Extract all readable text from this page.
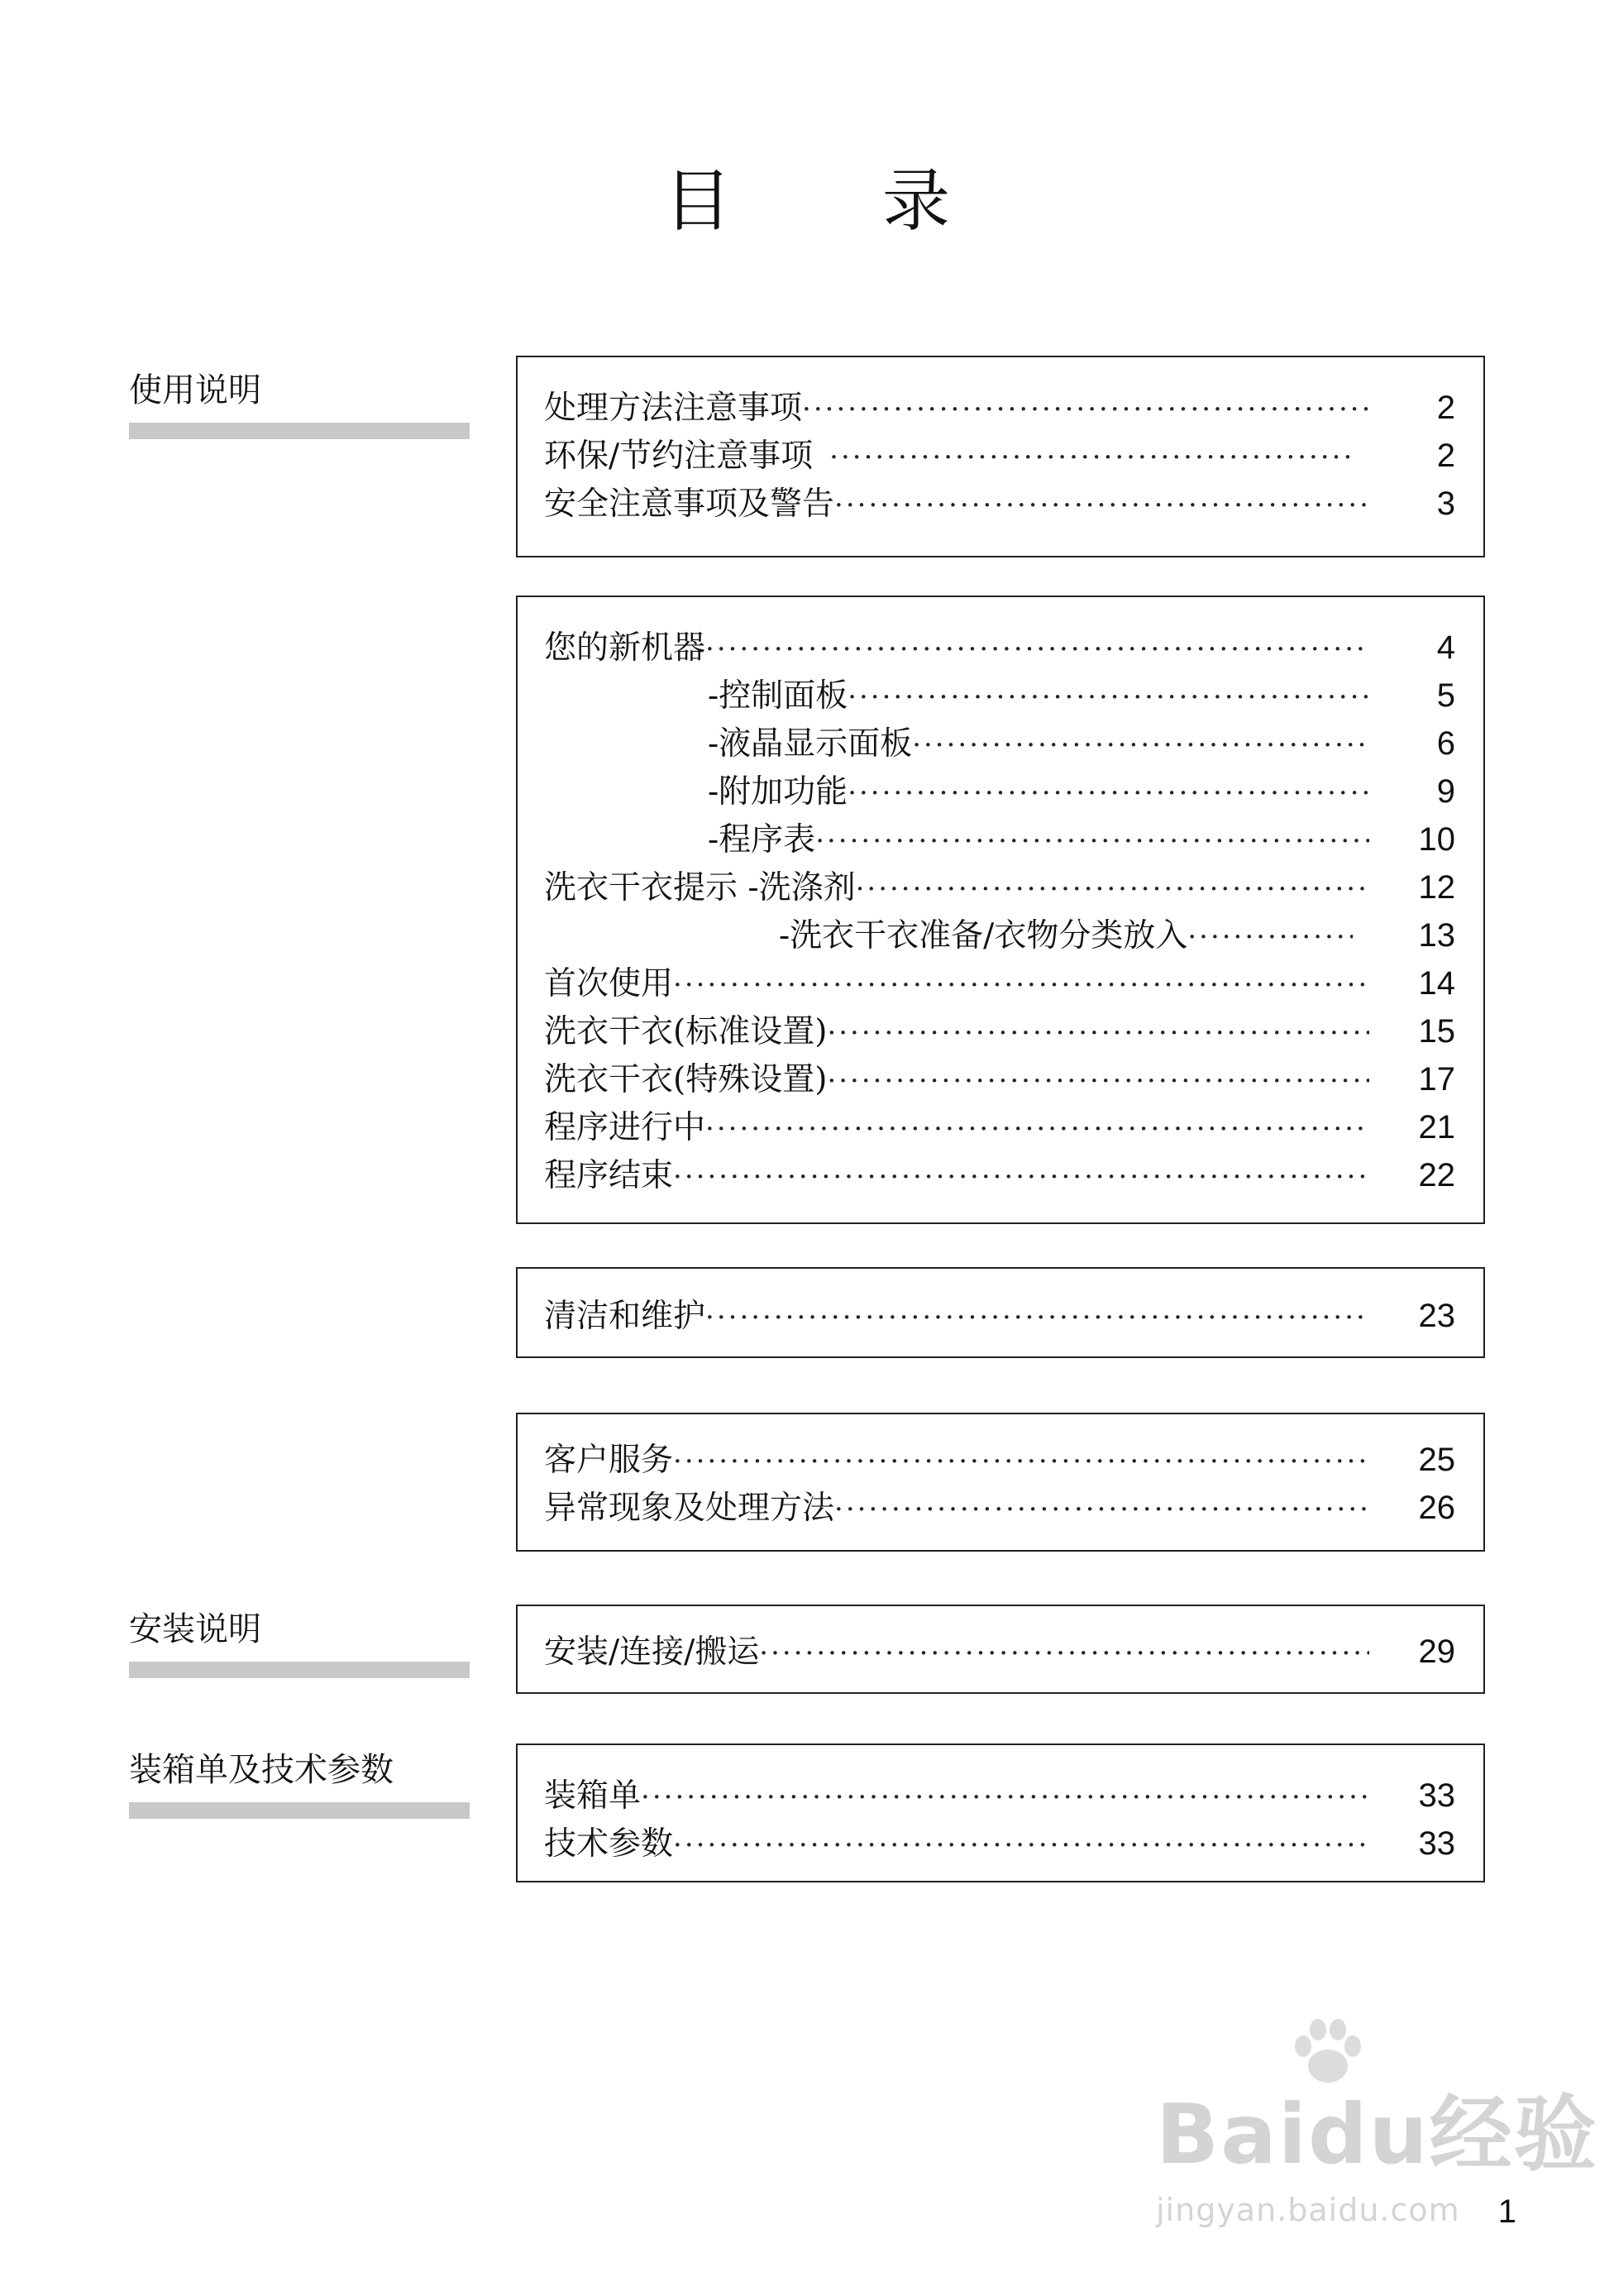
目 录
使用说明
安装说明
装箱单及技术参数
处理方法注意事项 ·····	2
环保/节约注意事项 ·····	2
安全注意事项及警告 ·····	3
您的新机器 ·····	4
-控制面板 ·····	5
-液晶显示面板 ·····	6
-附加功能 ·····	9
-程序表 ·····	10
洗衣干衣提示 -洗涤剂 ·····	12
-洗衣干衣准备/衣物分类放入 ·····	13
首次使用 ·····	14
洗衣干衣(标准设置) ·····	15
洗衣干衣(特殊设置) ·····	17
程序进行中 ·····	21
程序结束 ·····	22
清洁和维护 ·····	23
客户服务 ·····	25
异常现象及处理方法 ·····	26
安装/连接/搬运 ·····	29
装箱单 ·····	33
技术参数 ·····	33
Baidu经验
jingyan.baidu.com	1
